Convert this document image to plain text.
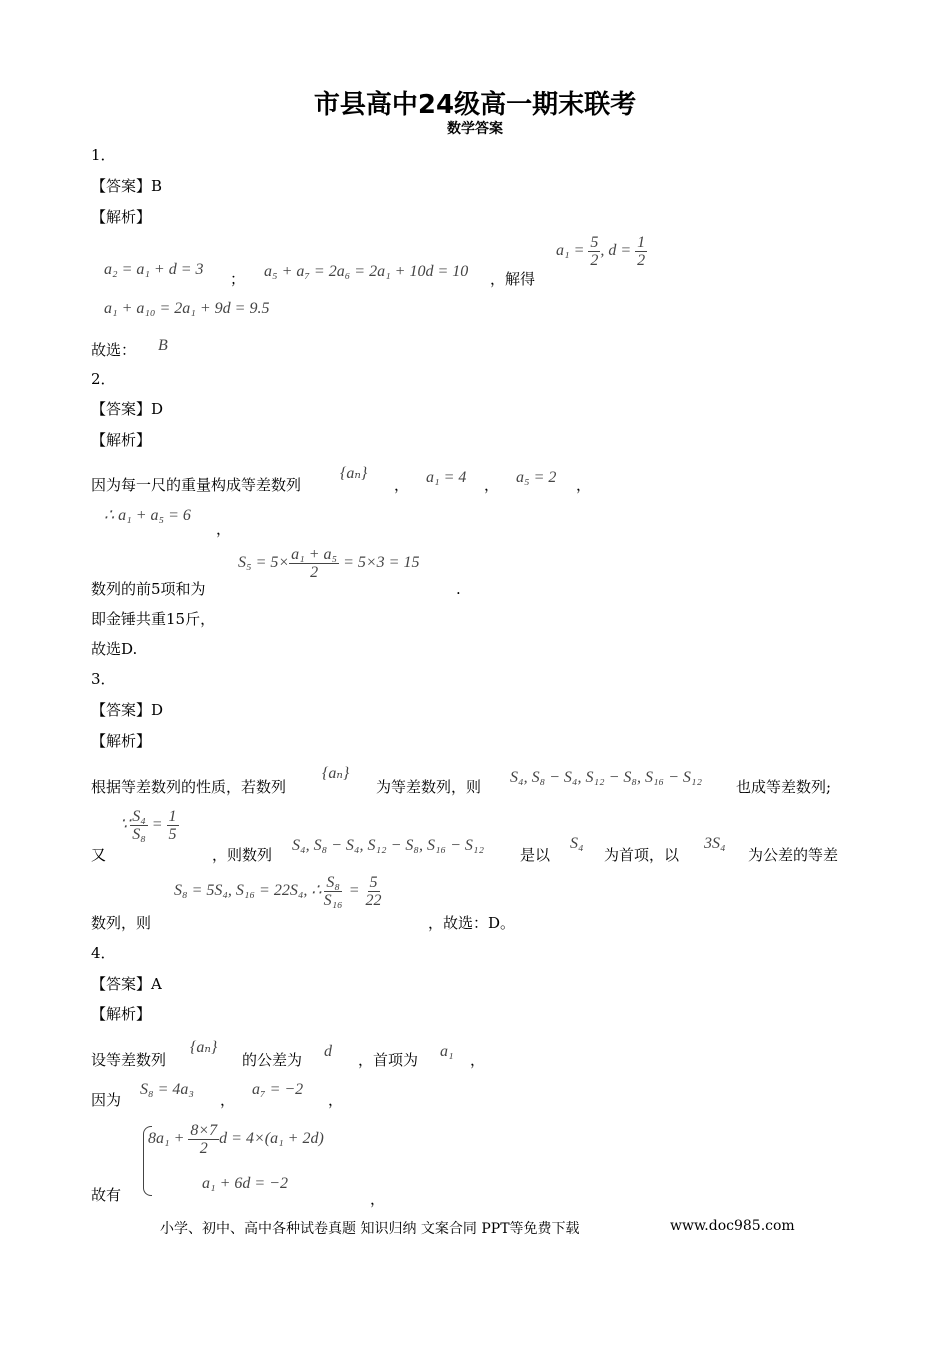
市县高中24级高一期末联考
数学答案
1．
【答案】B
【解析】
a₂ = a₁ + d = 3
； a₅ + a₇ = 2a₆ = 2a₁ + 10d = 10 ，解得
$a_1 = \frac{5}{2}$ , $d = \frac{1}{2}$
a₁ + a₁₀ = 2a₁ + 9d = 9.5
故选： B
2．
【答案】D
【解析】
因为每一尺的重量构成等差数列
{aₙ}
， a₁ = 4 ， a₅ = 2 ，
∴ a₁ + a₅ = 6
，
数列的前5项和为
$S_5 = 5\times \frac{\text{a₁ + a₅}}{2} = 5\times 3 = 15$
.
即金锤共重15斤，
故选D.
3．
【答案】D
【解析】
根据等差数列的性质，若数列
{aₙ}
为等差数列，则
S₄, S₈ − S₄, S₁₂ − S₈, S₁₆ − S₁₂
也成等差数列;
又
∵ $\frac{\text{S₄}}{\text{S₈}} = \frac{1}{5}$
，则数列
S₄, S₈ − S₄, S₁₂ − S₈, S₁₆ − S₁₂
是以
S₄
为首项，以
3S₄
为公差的等差
数列，则
S₈ = 5S₄, S₁₆ = 22S₄, ∴ $\frac{\text{S₈}}{\text{S₁₆}} = \frac{5}{22}$
，故选：D。
4．
【答案】A
【解析】
设等差数列
{aₙ}
的公差为 d ，首项为 a₁ ，
因为
S₈ = 4a₃
，
a₇ = −2
，
$8a_1 + \frac{8\times 7}{2}$ d = 4×(a₁ + 2d)
a₁ + 6d = −2
故有	，
小学、初中、高中各种试卷真题 知识归纳 文案合同 PPT等免费下载	www.doc985.com
